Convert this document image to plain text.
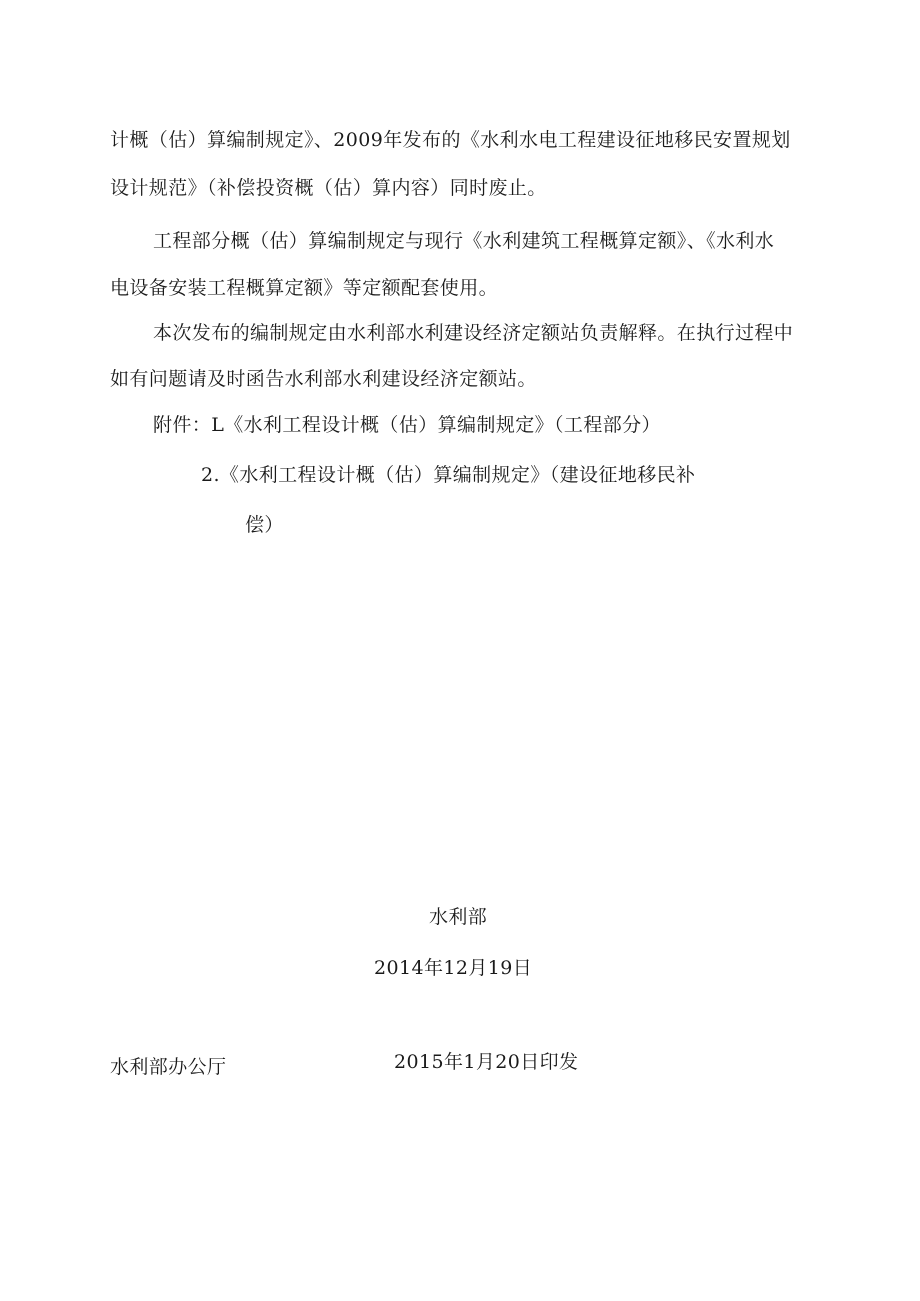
计概（估）算编制规定》、2009年发布的《水利水电工程建设征地移民安置规划
设计规范》（补偿投资概（估）算内容）同时废止。
工程部分概（估）算编制规定与现行《水利建筑工程概算定额》、《水利水
电设备安装工程概算定额》等定额配套使用。
本次发布的编制规定由水利部水利建设经济定额站负责解释。在执行过程中
如有问题请及时函告水利部水利建设经济定额站。
附件：L《水利工程设计概（估）算编制规定》（工程部分）
2.《水利工程设计概（估）算编制规定》（建设征地移民补
偿）
水利部
2014年12月19日
水利部办公厅	2015年1月20日印发
